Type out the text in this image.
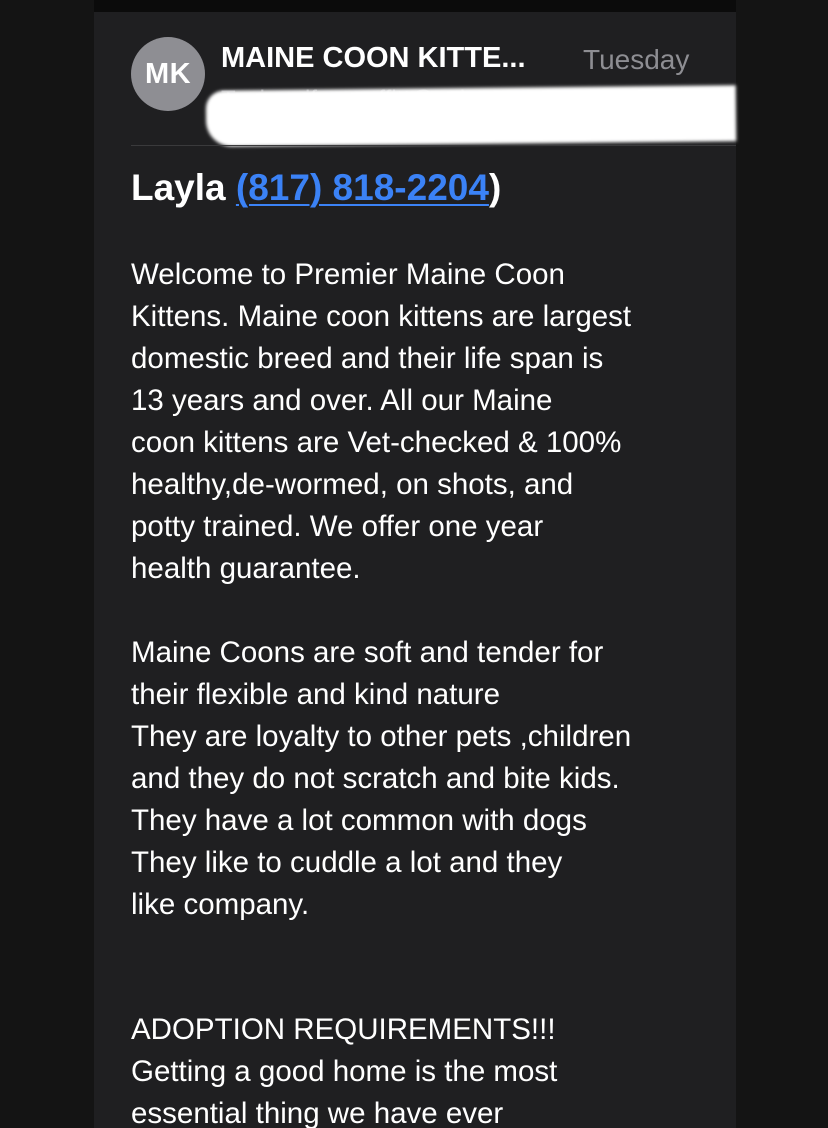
MK	MAINE COON KITTE...	Tuesday
Layla (817) 818-2204)
Welcome to Premier Maine Coon
Kittens. Maine coon kittens are largest
domestic breed and their life span is
13 years and over. All our Maine
coon kittens are Vet-checked & 100%
healthy,de-wormed, on shots, and
potty trained. We offer one year
health guarantee.
Maine Coons are soft and tender for
their flexible and kind nature
They are loyalty to other pets ,children
and they do not scratch and bite kids.
They have a lot common with dogs
They like to cuddle a lot and they
like company.
ADOPTION REQUIREMENTS!!!
Getting a good home is the most
essential thing we have ever
